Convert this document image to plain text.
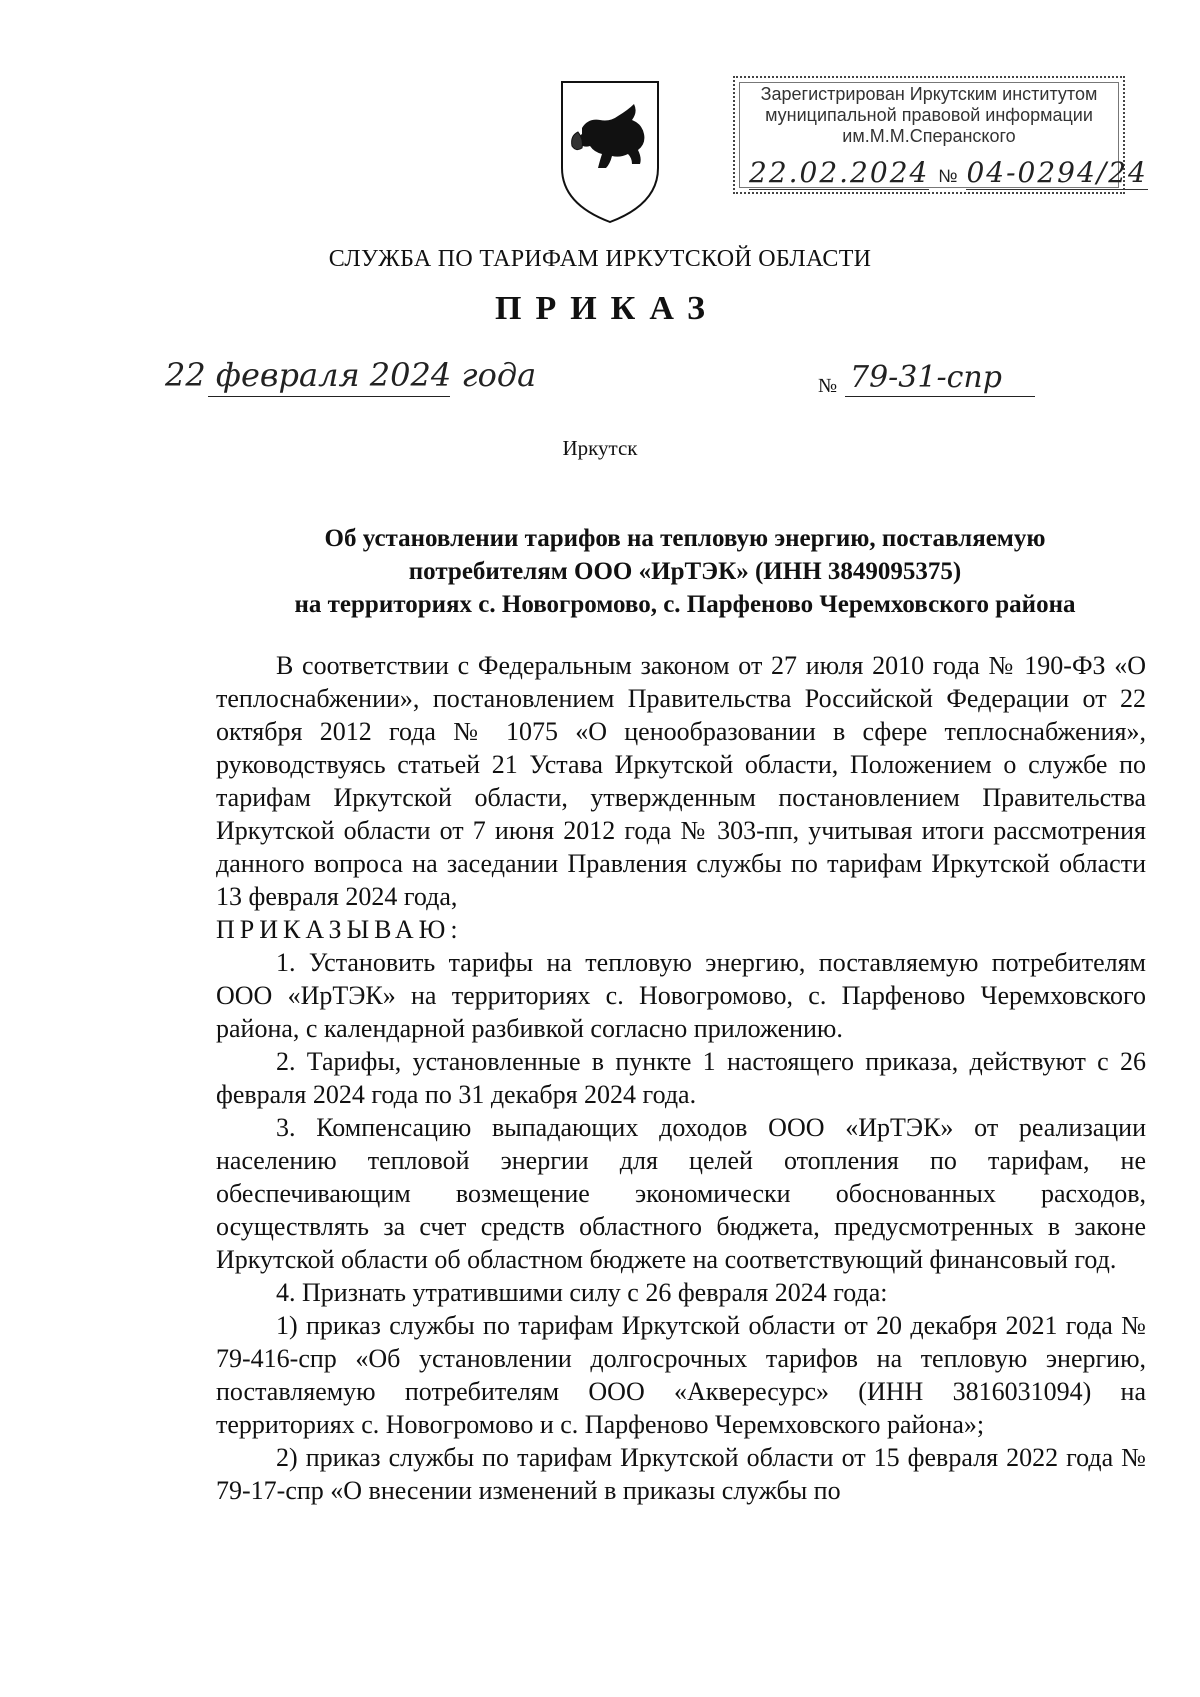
Зарегистрирован Иркутским институтом
муниципальной правовой информации
им.М.М.Сперанского
22.02.2024 № 04-0294/24
СЛУЖБА ПО ТАРИФАМ ИРКУТСКОЙ ОБЛАСТИ
ПРИКАЗ
22 февраля 2024 года	№ 79-31-спр
Иркутск
Об установлении тарифов на тепловую энергию, поставляемую
потребителям ООО «ИрТЭК» (ИНН 3849095375)
на территориях с. Новогромово, с. Парфеново Черемховского района

В соответствии с Федеральным законом от 27 июля 2010 года № 190-ФЗ «О теплоснабжении», постановлением Правительства Российской Федерации от 22 октября 2012 года № 1075 «О ценообразовании в сфере теплоснабжения», руководствуясь статьей 21 Устава Иркутской области, Положением о службе по тарифам Иркутской области, утвержденным постановлением Правительства Иркутской области от 7 июня 2012 года № 303-пп, учитывая итоги рассмотрения данного вопроса на заседании Правления службы по тарифам Иркутской области 13 февраля 2024 года,

ПРИКАЗЫВАЮ:

1. Установить тарифы на тепловую энергию, поставляемую потребителям ООО «ИрТЭК» на территориях с. Новогромово, с. Парфеново Черемховского района, с календарной разбивкой согласно приложению.

2. Тарифы, установленные в пункте 1 настоящего приказа, действуют с 26 февраля 2024 года по 31 декабря 2024 года.

3. Компенсацию выпадающих доходов ООО «ИрТЭК» от реализации населению тепловой энергии для целей отопления по тарифам, не обеспечивающим возмещение экономически обоснованных расходов, осуществлять за счет средств областного бюджета, предусмотренных в законе Иркутской области об областном бюджете на соответствующий финансовый год.

4. Признать утратившими силу с 26 февраля 2024 года:

1) приказ службы по тарифам Иркутской области от 20 декабря 2021 года № 79-416-спр «Об установлении долгосрочных тарифов на тепловую энергию, поставляемую потребителям ООО «Аквересурс» (ИНН 3816031094) на территориях с. Новогромово и с. Парфеново Черемховского района»;

2) приказ службы по тарифам Иркутской области от 15 февраля 2022 года № 79-17-спр «О внесении изменений в приказы службы по
